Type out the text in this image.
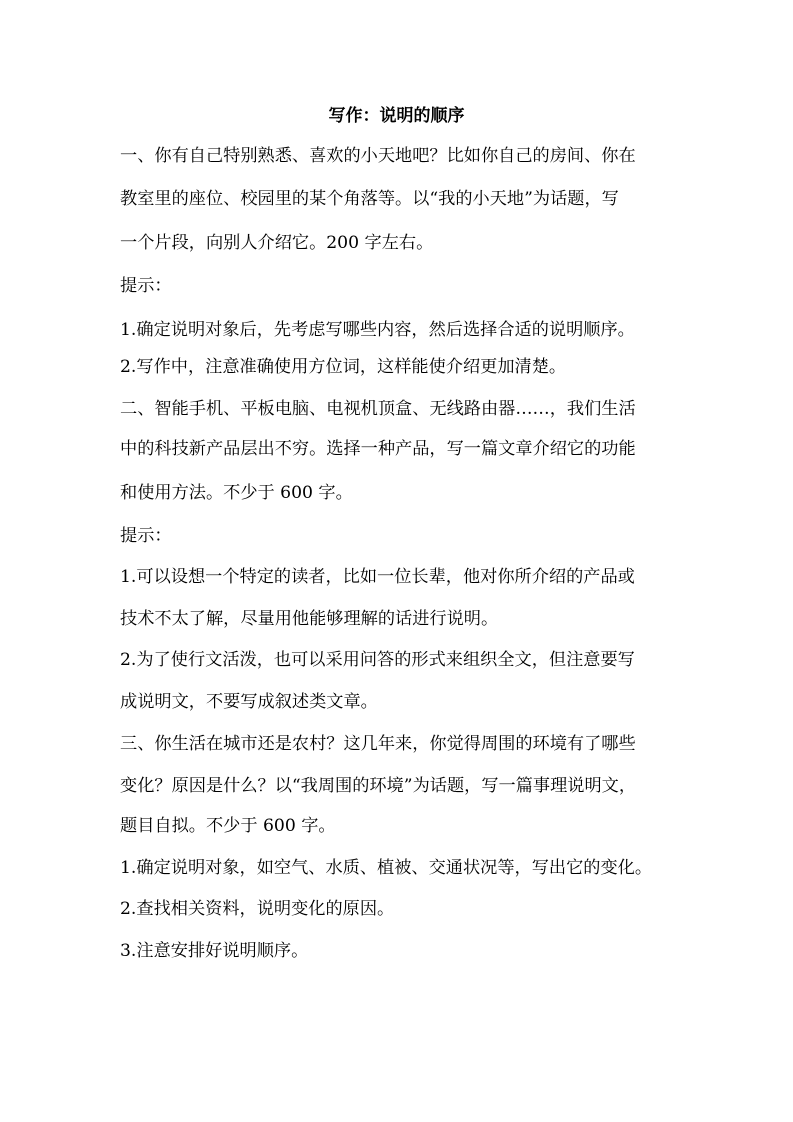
写作：说明的顺序
一、你有自己特别熟悉、喜欢的小天地吧？比如你自己的房间、你在
教室里的座位、校园里的某个角落等。以“我的小天地”为话题，写
一个片段，向别人介绍它。200 字左右。
提示：
1.确定说明对象后，先考虑写哪些内容，然后选择合适的说明顺序。
2.写作中，注意准确使用方位词，这样能使介绍更加清楚。
二、智能手机、平板电脑、电视机顶盒、无线路由器……，我们生活
中的科技新产品层出不穷。选择一种产品，写一篇文章介绍它的功能
和使用方法。不少于 600 字。
提示：
1.可以设想一个特定的读者，比如一位长辈，他对你所介绍的产品或
技术不太了解，尽量用他能够理解的话进行说明。
2.为了使行文活泼，也可以采用问答的形式来组织全文，但注意要写
成说明文，不要写成叙述类文章。
三、你生活在城市还是农村？这几年来，你觉得周围的环境有了哪些
变化？原因是什么？以“我周围的环境”为话题，写一篇事理说明文，
题目自拟。不少于 600 字。
1.确定说明对象，如空气、水质、植被、交通状况等，写出它的变化。
2.查找相关资料，说明变化的原因。
3.注意安排好说明顺序。
